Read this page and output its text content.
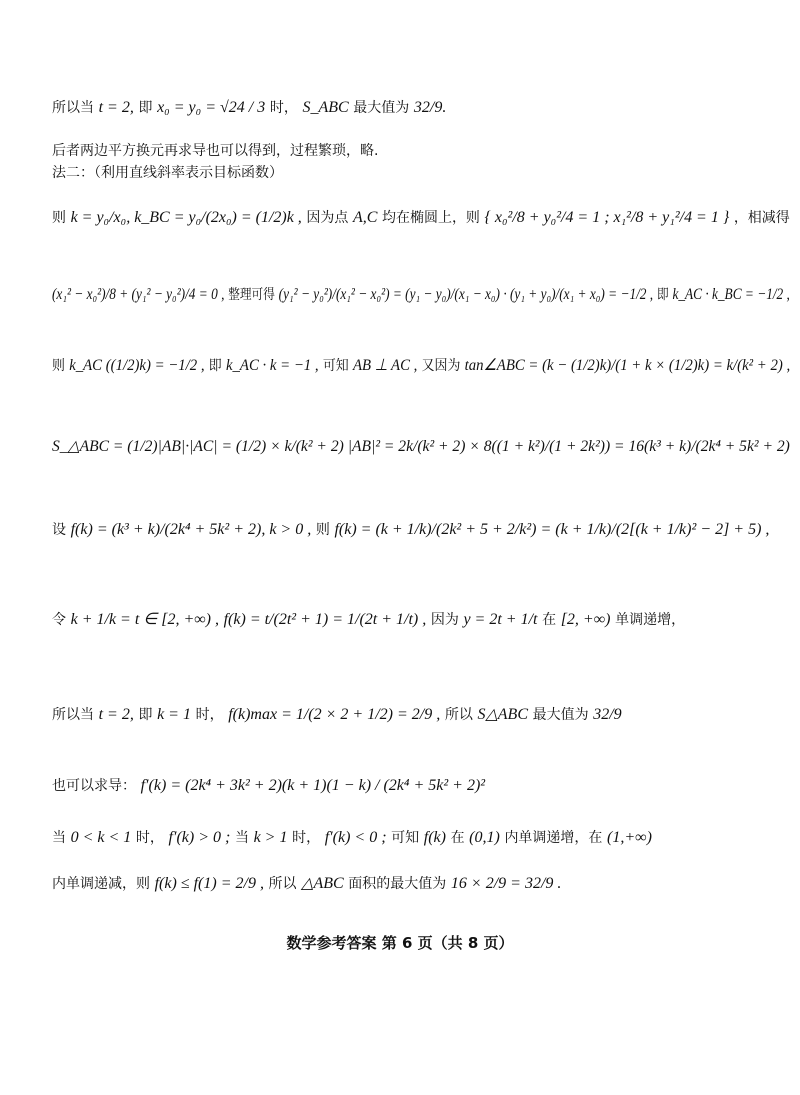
所以当 t = 2, 即 x₀ = y₀ = √24 / 3 时， S_ABC 最大值为 32/9.
后者两边平方换元再求导也可以得到，过程繁琐，略.
法二：（利用直线斜率表示目标函数）
则 k = y₀/x₀, k_BC = y₀/(2x₀) = (1/2)k , 因为点 A,C 均在椭圆上，则 { x₀²/8 + y₀²/4 = 1 ; x₁²/8 + y₁²/4 = 1 } ，相减得
(x₁² − x₀²)/8 + (y₁² − y₀²)/4 = 0 , 整理可得 (y₁² − y₀²)/(x₁² − x₀²) = (y₁ − y₀)/(x₁ − x₀) · (y₁ + y₀)/(x₁ + x₀) = −1/2 , 即 k_AC · k_BC = −1/2 ,
则 k_AC ((1/2)k) = −1/2 , 即 k_AC · k = −1 , 可知 AB ⊥ AC , 又因为 tan∠ABC = (k − (1/2)k)/(1 + k × (1/2)k) = k/(k² + 2) ,
S_△ABC = (1/2)|AB|·|AC| = (1/2) × k/(k² + 2) |AB|² = 2k/(k² + 2) × 8((1 + k²)/(1 + 2k²)) = 16(k³ + k)/(2k⁴ + 5k² + 2)
设 f(k) = (k³ + k)/(2k⁴ + 5k² + 2), k > 0 , 则 f(k) = (k + 1/k)/(2k² + 5 + 2/k²) = (k + 1/k)/(2[(k + 1/k)² − 2] + 5) ,
令 k + 1/k = t ∈ [2, +∞) , f(k) = t/(2t² + 1) = 1/(2t + 1/t) , 因为 y = 2t + 1/t 在 [2, +∞) 单调递增，
所以当 t = 2, 即 k = 1 时， f(k)max = 1/(2 × 2 + 1/2) = 2/9 , 所以 S△ABC 最大值为 32/9
也可以求导： f′(k) = (2k⁴ + 3k² + 2)(k + 1)(1 − k) / (2k⁴ + 5k² + 2)²
当 0 < k < 1 时， f′(k) > 0 ; 当 k > 1 时， f′(k) < 0 ; 可知 f(k) 在 (0,1) 内单调递增，在 (1,+∞)
内单调递减，则 f(k) ≤ f(1) = 2/9 , 所以 △ABC 面积的最大值为 16 × 2/9 = 32/9 .
数学参考答案 第 6 页（共 8 页）
